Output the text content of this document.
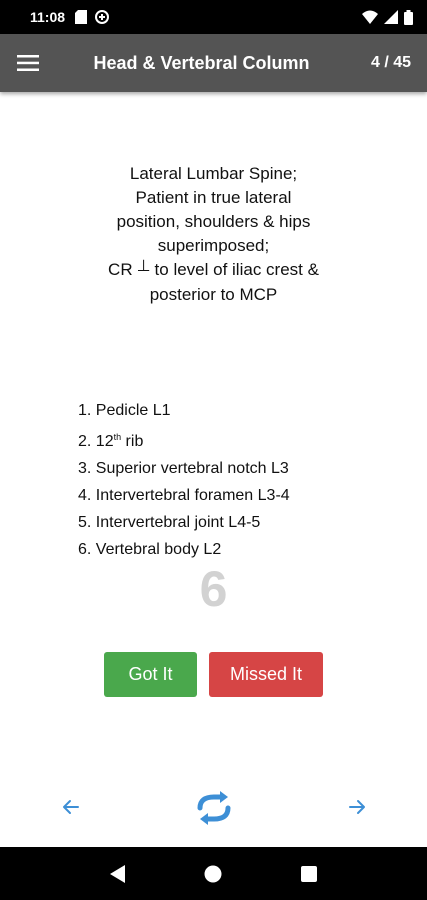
11:08
Head & Vertebral Column	4 / 45
Lateral Lumbar Spine;
Patient in true lateral
position, shoulders & hips
superimposed;
CR ⊥ to level of iliac crest &
posterior to MCP
1. Pedicle L1
2. 12th rib
3. Superior vertebral notch L3
4. Intervertebral foramen L3-4
5. Intervertebral joint L4-5
6. Vertebral body L2
6
Got It	Missed It
